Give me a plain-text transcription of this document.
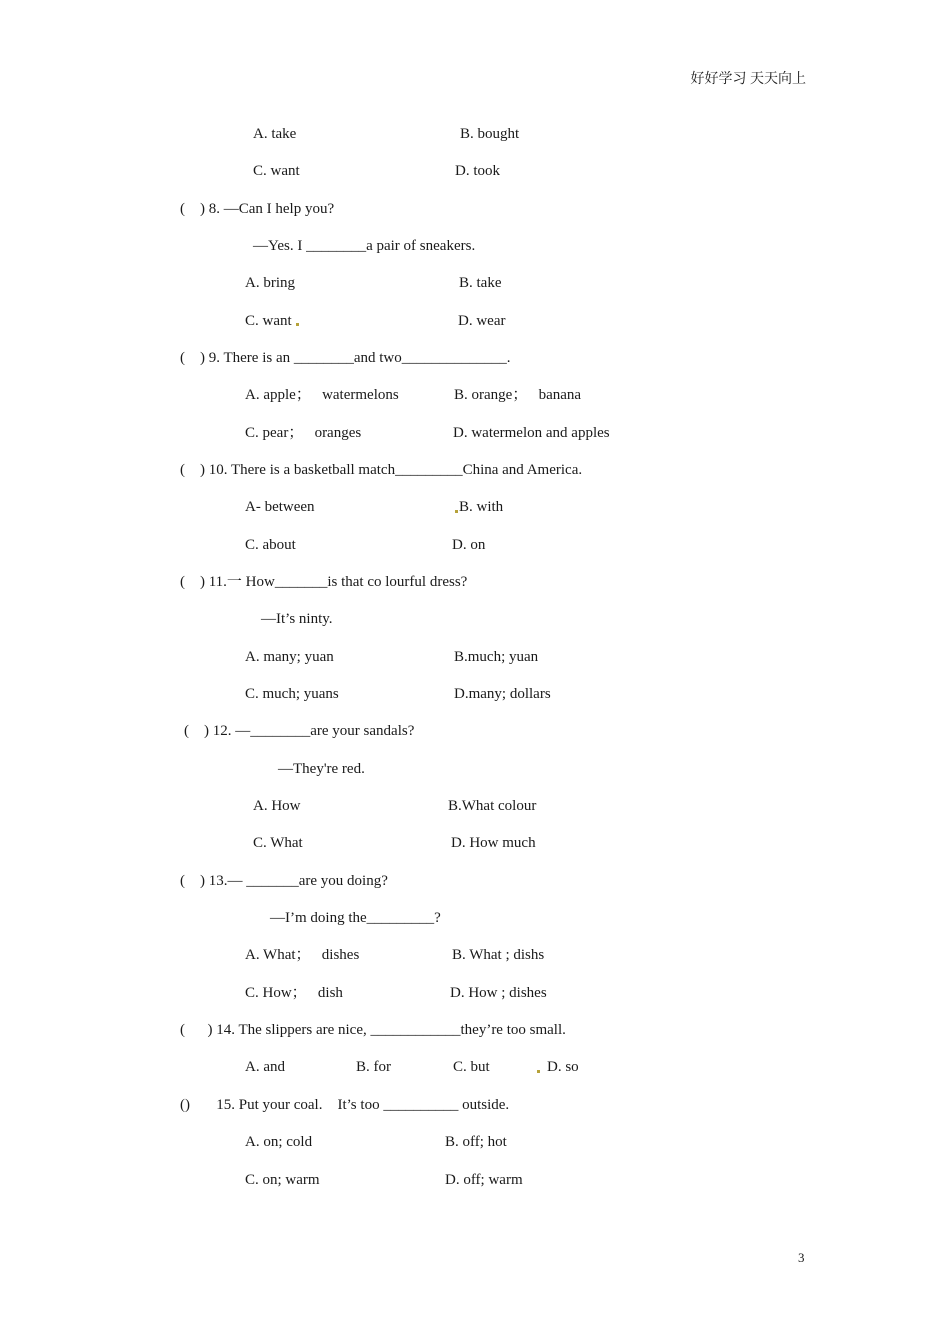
好好学习 天天向上
A. take	B. bought
C. want	D. took
(    ) 8. —Can I help you?
—Yes. I ________a pair of sneakers.
A. bring	B. take
C. want	D. wear
(    ) 9. There is an ________and two______________.
A. apple；   watermelons	B. orange；   banana
C. pear；   oranges	D. watermelon and apples
(    ) 10. There is a basketball match_________China and America.
A- between	B. with
C. about	D. on
(    ) 11.一 How_______is that co lourful dress?
—It’s ninty.
A. many; yuan	B.much; yuan
C. much; yuans	D.many; dollars
(    ) 12. —________are your sandals?
—They're red.
A. How	B.What colour
C. What	D. How much
(    ) 13.— _______are you doing?
—I’m doing the_________?
A. What；   dishes	B. What ; dishs
C. How；   dish	D. How ; dishes
(      ) 14. The slippers are nice, ____________they’re too small.
A. and	B. for	C. but	D. so
()       15. Put your coal.    It’s too __________ outside.
A. on; cold	B. off; hot
C. on; warm	D. off; warm
3
